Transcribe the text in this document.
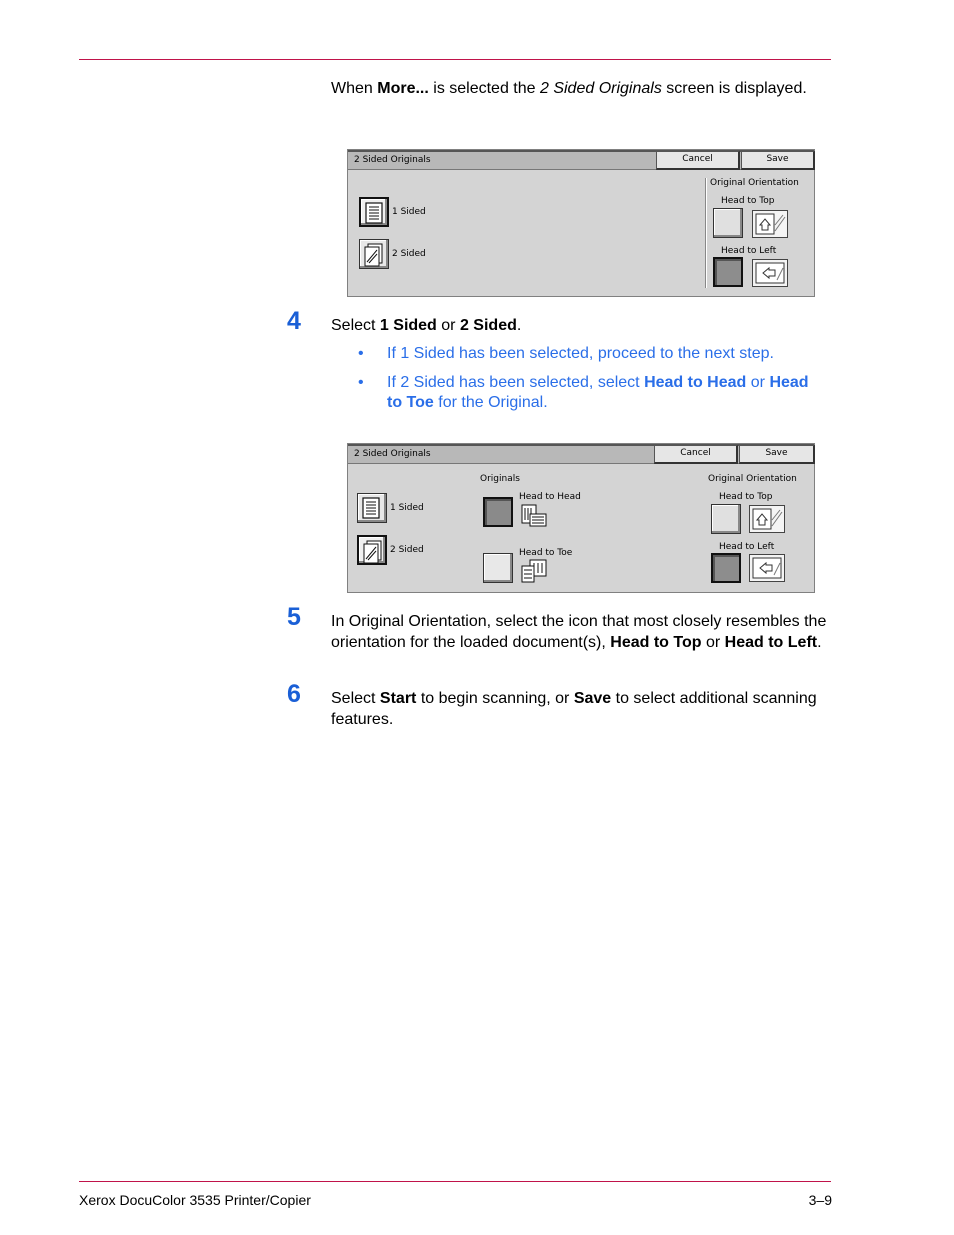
When More... is selected the 2 Sided Originals screen is displayed.
2 Sided Originals	Cancel	Save
1 Sided
2 Sided
Original Orientation
Head to Top
Head to Left
4 Select 1 Sided or 2 Sided.
• If 1 Sided has been selected, proceed to the next step.
• If 2 Sided has been selected, select Head to Head or Head to Toe for the Original.
2 Sided Originals	Cancel	Save
1 Sided
2 Sided
Originals
Head to Head
Head to Toe
Original Orientation
Head to Top
Head to Left
5 In Original Orientation, select the icon that most closely resembles the orientation for the loaded document(s), Head to Top or Head to Left.
6 Select Start to begin scanning, or Save to select additional scanning features.
Xerox DocuColor 3535 Printer/Copier	3–9
